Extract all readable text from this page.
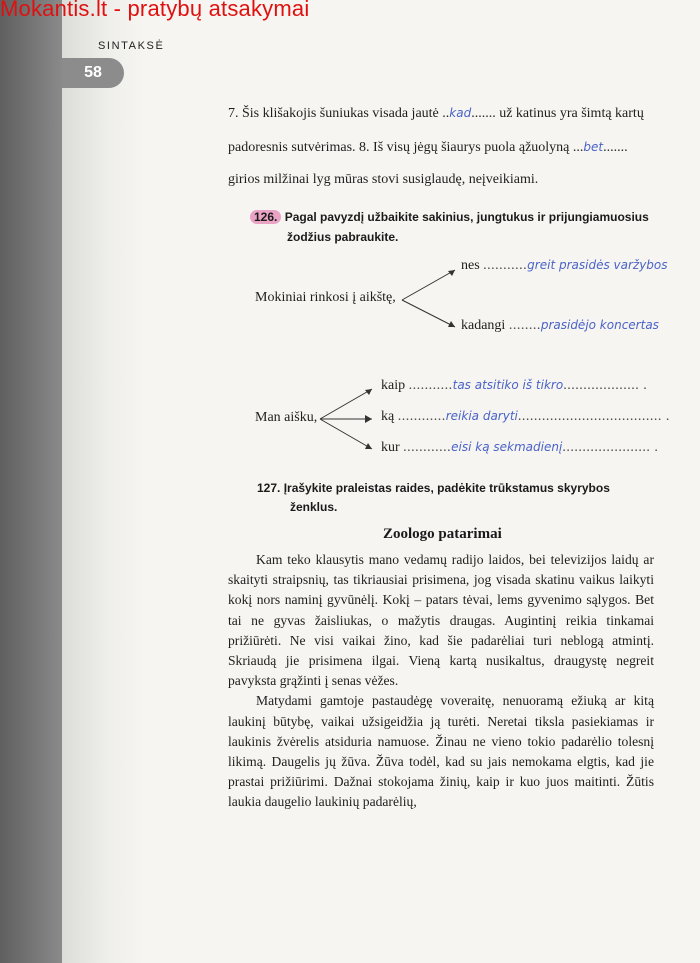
Mokantis.lt - pratybų atsakymai
SINTAKSĖ
58
7. Šis klišakojis šuniukas visada jautė ..kad....... už katinus yra šimtą kartų
padoresnis sutvėrimas. 8. Iš visų jėgų šiaurys puola ąžuolyną ...bet.......
girios milžinai lyg mūras stovi susiglaudę, neįveikiami.
126. Pagal pavyzdį užbaikite sakinius, jungtukus ir prijungiamuosius
žodžius pabraukite.
Mokiniai rinkosi į aikštę,
nes ...........greit prasidės varžybos
kadangi ........prasidėjo koncertas
Man aišku,
kaip ...........tas atsitiko iš tikro................... .
ką ............reikia daryti.................................... .
kur ............eisi ką sekmadienį...................... .
127. Įrašykite praleistas raides, padėkite trūkstamus skyrybos
ženklus.
Zoologo patarimai

Kam teko klausytis mano vedamų radijo laidos, bei televizijos laidų ar skaityti straipsnių, tas tikriausiai prisimena, jog visada skatinu vaikus laikyti kokį nors naminį gyvūnėlį. Kokį – patars tėvai, lems gyvenimo sąlygos. Bet tai ne gyvas žaisliukas, o mažytis draugas. Augintinį reikia tinkamai prižiūrėti. Ne visi vaikai žino, kad šie padarėliai turi neblogą atmintį. Skriaudą jie prisimena ilgai. Vieną kartą nusikaltus, draugystę negreit pavyksta grąžinti į senas vėžes.

Matydami gamtoje pastaudėgę voveraitę, nenuoramą ežiuką ar kitą laukinį būtybę, vaikai užsigeidžia ją turėti. Neretai tiksla pasiekiamas ir laukinis žvėrelis atsiduria namuose. Žinau ne vieno tokio padarėlio tolesnį likimą. Daugelis jų žūva. Žūva todėl, kad su jais nemokama elgtis, kad jie prastai prižiūrimi. Dažnai stokojama žinių, kaip ir kuo juos maitinti. Žūtis laukia daugelio laukinių padarėlių,
